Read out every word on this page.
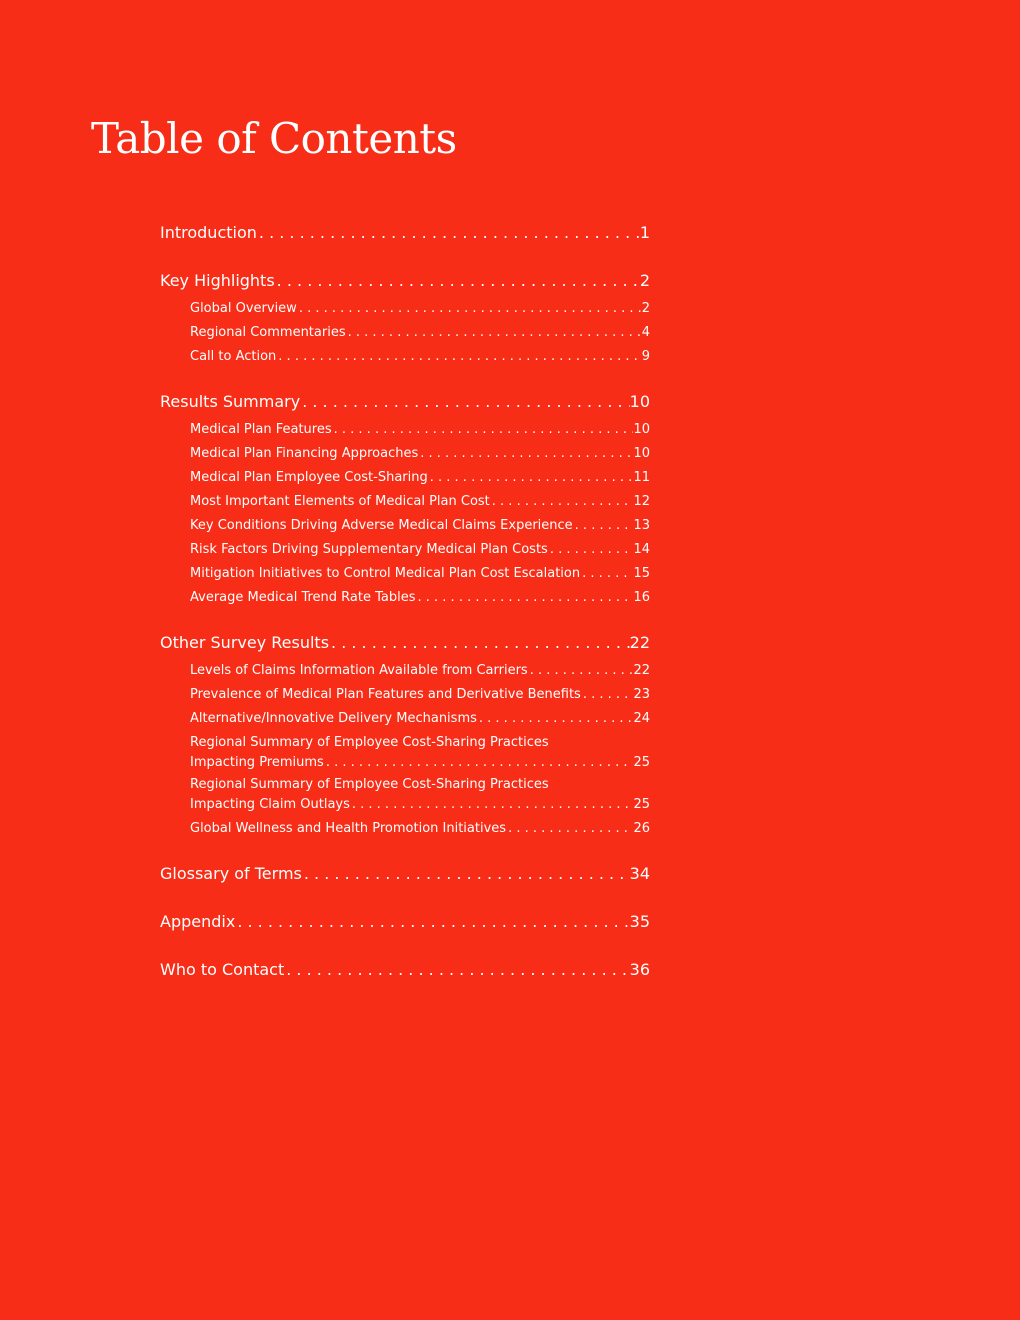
Table of Contents
Introduction . . .	1
Key Highlights . . .	2
Global Overview . . .	2
Regional Commentaries . . .	4
Call to Action . . .	9
Results Summary . . .	10
Medical Plan Features . . .	10
Medical Plan Financing Approaches . . .	10
Medical Plan Employee Cost-Sharing . . .	11
Most Important Elements of Medical Plan Cost . . .	12
Key Conditions Driving Adverse Medical Claims Experience . . .	13
Risk Factors Driving Supplementary Medical Plan Costs . . .	14
Mitigation Initiatives to Control Medical Plan Cost Escalation . . .	15
Average Medical Trend Rate Tables . . .	16
Other Survey Results . . .	22
Levels of Claims Information Available from Carriers . . .	22
Prevalence of Medical Plan Features and Derivative Benefits . . .	23
Alternative/Innovative Delivery Mechanisms . . .	24
Regional Summary of Employee Cost-Sharing Practices
Impacting Premiums . . .	25
Regional Summary of Employee Cost-Sharing Practices
Impacting Claim Outlays . . .	25
Global Wellness and Health Promotion Initiatives . . .	26
Glossary of Terms . . .	34
Appendix . . .	35
Who to Contact . . .	36
